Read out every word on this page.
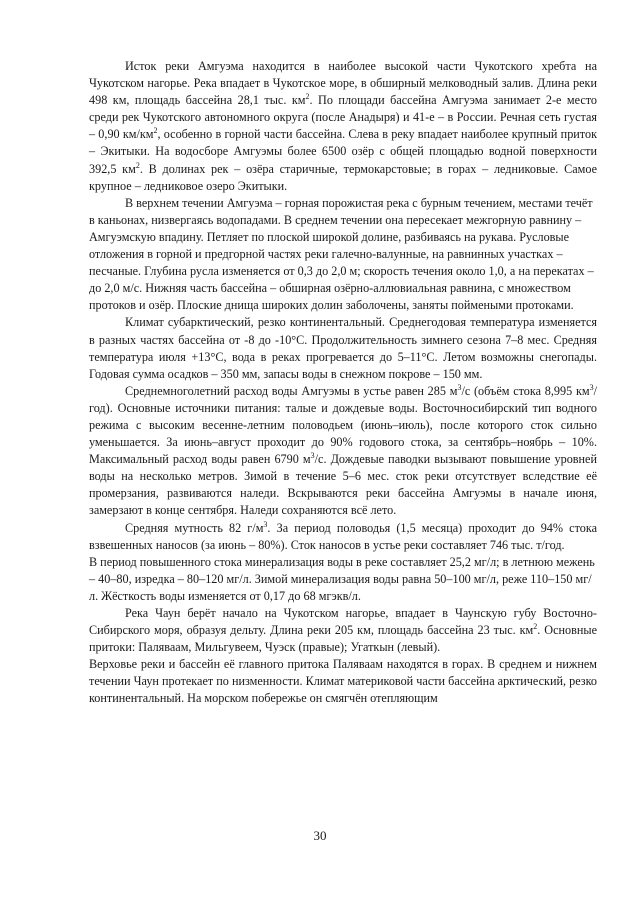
Исток реки Амгуэма находится в наиболее высокой части Чукотского хребта на Чукотском нагорье. Река впадает в Чукотское море, в обширный мелководный залив. Длина реки 498 км, площадь бассейна 28,1 тыс. $км^2$. По площади бассейна Амгуэма занимает 2-е место среди рек Чукотского автономного округа (после Анадыря) и 41-е – в России. Речная сеть густая – 0,90 $км/км^2$, особенно в горной части бассейна. Слева в реку впадает наиболее крупный приток – Экитыки. На водосборе Амгуэмы более 6500 озёр с общей площадью водной поверхности 392,5 $км^2$. В долинах рек – озёра старичные, термокарстовые; в горах – ледниковые. Самое крупное – ледниковое озеро Экитыки.

В верхнем течении Амгуэма – горная порожистая река с бурным течением, местами течёт в каньонах, низвергаясь водопадами. В среднем течении она пересекает межгорную равнину – Амгуэмскую впадину. Петляет по плоской широкой долине, разбиваясь на рукава. Русловые отложения в горной и предгорной частях реки галечно-валунные, на равнинных участках – песчаные. Глубина русла изменяется от 0,3 до 2,0 м; скорость течения около 1,0, а на перекатах – до 2,0 м/с. Нижняя часть бассейна – обширная озёрно-аллювиальная равнина, с множеством протоков и озёр. Плоские днища широких долин заболочены, заняты поймеными протоками.

Климат субарктический, резко континентальный. Среднегодовая температура изменяется в разных частях бассейна от -8 до -10°С. Продолжительность зимнего сезона 7–8 мес. Средняя температура июля +13°С, вода в реках прогревается до 5–11°С. Летом возможны снегопады. Годовая сумма осадков – 350 мм, запасы воды в снежном покрове – 150 мм.

Среднемноголетний расход воды Амгуэмы в устье равен 285 $м^3/с$ (объём стока 8,995 $км^3/год$). Основные источники питания: талые и дождевые воды. Восточносибирский тип водного режима с высоким весенне-летним половодьем (июнь–июль), после которого сток сильно уменьшается. За июнь–август проходит до 90% годового стока, за сентябрь–ноябрь – 10%. Максимальный расход воды равен 6790 $м^3/с$. Дождевые паводки вызывают повышение уровней воды на несколько метров. Зимой в течение 5–6 мес. сток реки отсутствует вследствие её промерзания, развиваются наледи. Вскрываются реки бассейна Амгуэмы в начале июня, замерзают в конце сентября. Наледи сохраняются всё лето.

Средняя мутность 82 $г/м^3$. За период половодья (1,5 месяца) проходит до 94% стока взвешенных наносов (за июнь – 80%). Сток наносов в устье реки составляет 746 тыс. т/год.

В период повышенного стока минерализация воды в реке составляет 25,2 мг/л; в летнюю межень – 40–80, изредка – 80–120 мг/л. Зимой минерализация воды равна 50–100 мг/л, реже 110–150 мг/л. Жёсткость воды изменяется от 0,17 до 68 мгэкв/л.

Река Чаун берёт начало на Чукотском нагорье, впадает в Чаунскую губу Восточно-Сибирского моря, образуя дельту. Длина реки 205 км, площадь бассейна 23 тыс. $км^2$. Основные притоки: Паляваам, Мильгувеем, Чуэск (правые); Угаткын (левый).

Верховье реки и бассейн её главного притока Паляваам находятся в горах. В среднем и нижнем течении Чаун протекает по низменности. Климат материковой части бассейна арктический, резко континентальный. На морском побережье он смягчён отепляющим

30
